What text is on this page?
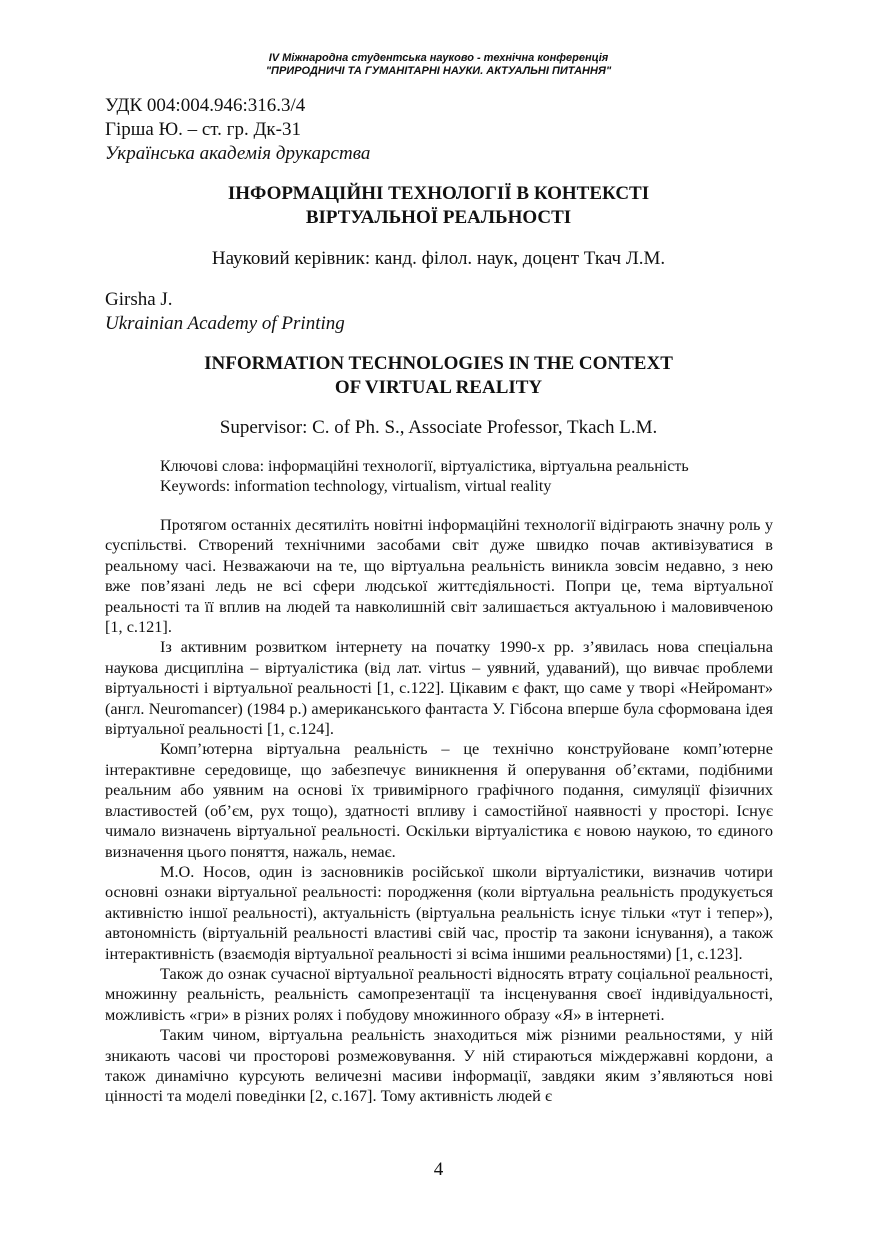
IV Міжнародна студентська науково - технічна конференція
"ПРИРОДНИЧІ ТА ГУМАНІТАРНІ НАУКИ. АКТУАЛЬНІ ПИТАННЯ"
УДК 004:004.946:316.3/4
Гірша Ю. – ст. гр. Дк-31
Українська академія друкарства
ІНФОРМАЦІЙНІ ТЕХНОЛОГІЇ В КОНТЕКСТІ
ВІРТУАЛЬНОЇ РЕАЛЬНОСТІ
Науковий керівник: канд. філол. наук, доцент Ткач Л.М.
Girsha J.
Ukrainian Academy of Printing
INFORMATION TECHNOLOGIES IN THE CONTEXT
OF VIRTUAL REALITY
Supervisor: C. of Ph. S., Associate Professor, Tkach L.M.
Ключові слова: інформаційні технології, віртуалістика, віртуальна реальність
Keywords: information technology, virtualism, virtual reality

Протягом останніх десятиліть новітні інформаційні технології відіграють значну роль у суспільстві. Створений технічними засобами світ дуже швидко почав активізуватися в реальному часі. Незважаючи на те, що віртуальна реальність виникла зовсім недавно, з нею вже пов’язані ледь не всі сфери людської життєдіяльності. Попри це, тема віртуальної реальності та її вплив на людей та навколишній світ залишається актуальною і маловивченою [1, с.121].

Із активним розвитком інтернету на початку 1990-х рр. з’явилась нова спеціальна наукова дисципліна – віртуалістика (від лат. virtus – уявний, удаваний), що вивчає проблеми віртуальності і віртуальної реальності [1, с.122]. Цікавим є факт, що саме у творі «Нейромант» (англ. Neuromancer) (1984 р.) американського фантаста У. Гібсона вперше була сформована ідея віртуальної реальності [1, с.124].

Комп’ютерна віртуальна реальність – це технічно конструйоване комп’ютерне інтерактивне середовище, що забезпечує виникнення й оперування об’єктами, подібними реальним або уявним на основі їх тривимірного графічного подання, симуляції фізичних властивостей (об’єм, рух тощо), здатності впливу і самостійної наявності у просторі. Існує чимало визначень віртуальної реальності. Оскільки віртуалістика є новою наукою, то єдиного визначення цього поняття, нажаль, немає.

М.О. Носов, один із засновників російської школи віртуалістики, визначив чотири основні ознаки віртуальної реальності: породження (коли віртуальна реальність продукується активністю іншої реальності), актуальність (віртуальна реальність існує тільки «тут і тепер»), автономність (віртуальній реальності властиві свій час, простір та закони існування), а також інтерактивність (взаємодія віртуальної реальності зі всіма іншими реальностями) [1, с.123].

Також до ознак сучасної віртуальної реальності відносять втрату соціальної реальності, множинну реальність, реальність самопрезентації та інсценування своєї індивідуальності, можливість «гри» в різних ролях і побудову множинного образу «Я» в інтернеті.

Таким чином, віртуальна реальність знаходиться між різними реальностями, у ній зникають часові чи просторові розмежовування. У ній стираються міждержавні кордони, а також динамічно курсують величезні масиви інформації, завдяки яким з’являються нові цінності та моделі поведінки [2, с.167]. Тому активність людей є

4
